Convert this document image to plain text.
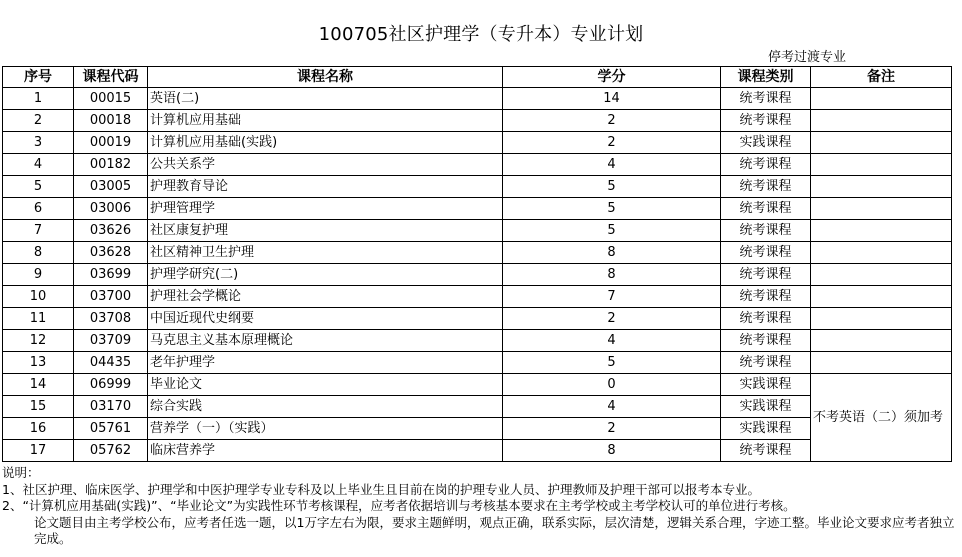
100705社区护理学（专升本）专业计划
停考过渡专业
序号	课程代码	课程名称	学分	课程类别	备注
1	00015	英语(二)	14	统考课程	
2	00018	计算机应用基础	2	统考课程	
3	00019	计算机应用基础(实践)	2	实践课程	
4	00182	公共关系学	4	统考课程	
5	03005	护理教育导论	5	统考课程	
6	03006	护理管理学	5	统考课程	
7	03626	社区康复护理	5	统考课程	
8	03628	社区精神卫生护理	8	统考课程	
9	03699	护理学研究(二)	8	统考课程	
10	03700	护理社会学概论	7	统考课程	
11	03708	中国近现代史纲要	2	统考课程	
12	03709	马克思主义基本原理概论	4	统考课程	
13	04435	老年护理学	5	统考课程	
14	06999	毕业论文	0	实践课程	不考英语（二）须加考
15	03170	综合实践	4	实践课程	
16	05761	营养学（一）（实践）	2	实践课程	
17	05762	临床营养学	8	统考课程	

说明：

1、社区护理、临床医学、护理学和中医护理学专业专科及以上毕业生且目前在岗的护理专业人员、护理教师及护理干部可以报考本专业。

2、“计算机应用基础(实践)”、“毕业论文”为实践性环节考核课程，应考者依据培训与考核基本要求在主考学校或主考学校认可的单位进行考核。

论文题目由主考学校公布，应考者任选一题，以1万字左右为限，要求主题鲜明，观点正确，联系实际，层次清楚，逻辑关系合理，字迹工整。毕业论文要求应考者独立完成。
